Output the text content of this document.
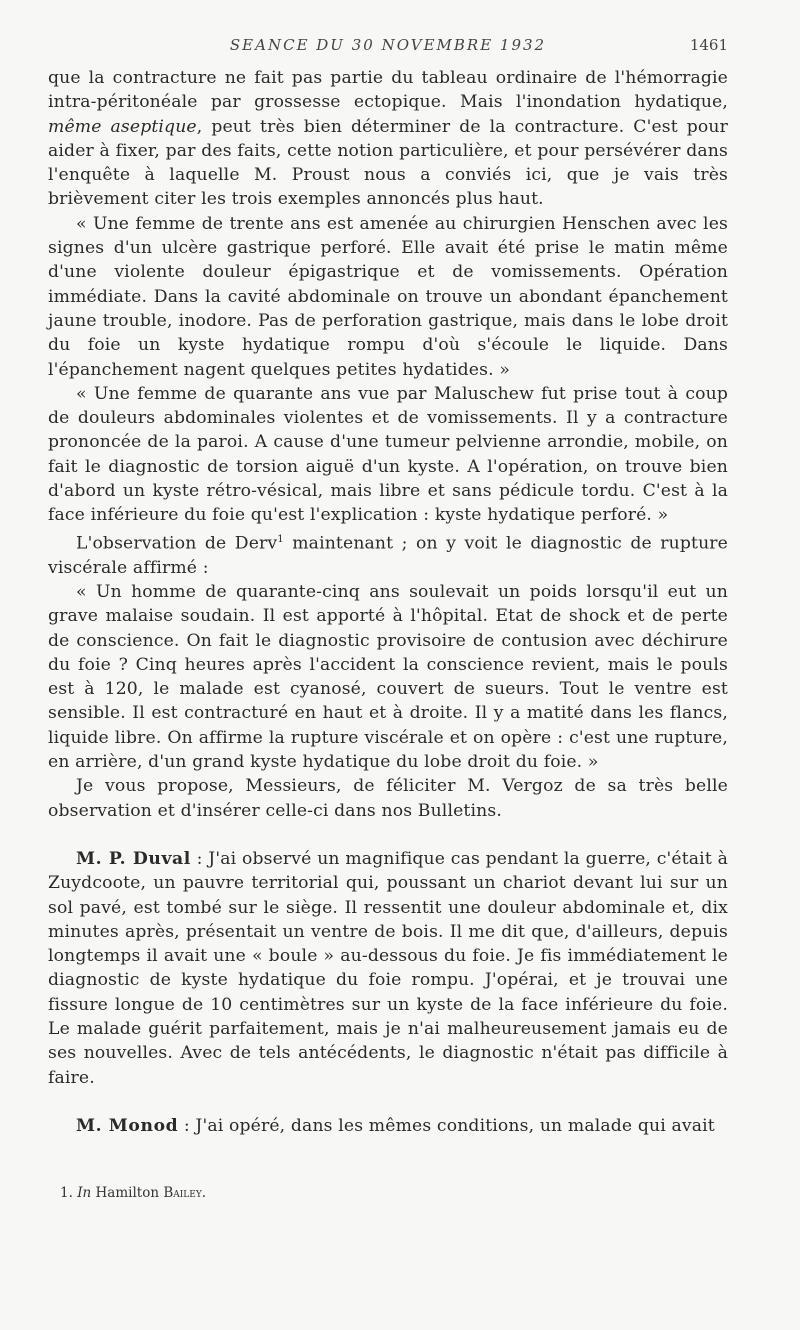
SEANCE DU 30 NOVEMBRE 1932	1461

que la contracture ne fait pas partie du tableau ordinaire de l'hémorragie intra-péritonéale par grossesse ectopique. Mais l'inondation hydatique, même aseptique, peut très bien déterminer de la contracture. C'est pour aider à fixer, par des faits, cette notion particulière, et pour persévérer dans l'enquête à laquelle M. Proust nous a conviés ici, que je vais très brièvement citer les trois exemples annoncés plus haut.

« Une femme de trente ans est amenée au chirurgien Henschen avec les signes d'un ulcère gastrique perforé. Elle avait été prise le matin même d'une violente douleur épigastrique et de vomissements. Opération immédiate. Dans la cavité abdominale on trouve un abondant épanchement jaune trouble, inodore. Pas de perforation gastrique, mais dans le lobe droit du foie un kyste hydatique rompu d'où s'écoule le liquide. Dans l'épanchement nagent quelques petites hydatides. »

« Une femme de quarante ans vue par Maluschew fut prise tout à coup de douleurs abdominales violentes et de vomissements. Il y a contracture prononcée de la paroi. A cause d'une tumeur pelvienne arrondie, mobile, on fait le diagnostic de torsion aiguë d'un kyste. A l'opération, on trouve bien d'abord un kyste rétro-vésical, mais libre et sans pédicule tordu. C'est à la face inférieure du foie qu'est l'explication : kyste hydatique perforé. »

L'observation de Derv$^1$ maintenant ; on y voit le diagnostic de rupture viscérale affirmé :

« Un homme de quarante-cinq ans soulevait un poids lorsqu'il eut un grave malaise soudain. Il est apporté à l'hôpital. Etat de shock et de perte de conscience. On fait le diagnostic provisoire de contusion avec déchirure du foie ? Cinq heures après l'accident la conscience revient, mais le pouls est à 120, le malade est cyanosé, couvert de sueurs. Tout le ventre est sensible. Il est contracturé en haut et à droite. Il y a matité dans les flancs, liquide libre. On affirme la rupture viscérale et on opère : c'est une rupture, en arrière, d'un grand kyste hydatique du lobe droit du foie. »

Je vous propose, Messieurs, de féliciter M. Vergoz de sa très belle observation et d'insérer celle-ci dans nos Bulletins.

M. P. Duval : J'ai observé un magnifique cas pendant la guerre, c'était à Zuydcoote, un pauvre territorial qui, poussant un chariot devant lui sur un sol pavé, est tombé sur le siège. Il ressentit une douleur abdominale et, dix minutes après, présentait un ventre de bois. Il me dit que, d'ailleurs, depuis longtemps il avait une « boule » au-dessous du foie. Je fis immédiatement le diagnostic de kyste hydatique du foie rompu. J'opérai, et je trouvai une fissure longue de 10 centimètres sur un kyste de la face inférieure du foie. Le malade guérit parfaitement, mais je n'ai malheureusement jamais eu de ses nouvelles. Avec de tels antécédents, le diagnostic n'était pas difficile à faire.

M. Monod : J'ai opéré, dans les mêmes conditions, un malade qui avait

1. In Hamilton Bailey.
